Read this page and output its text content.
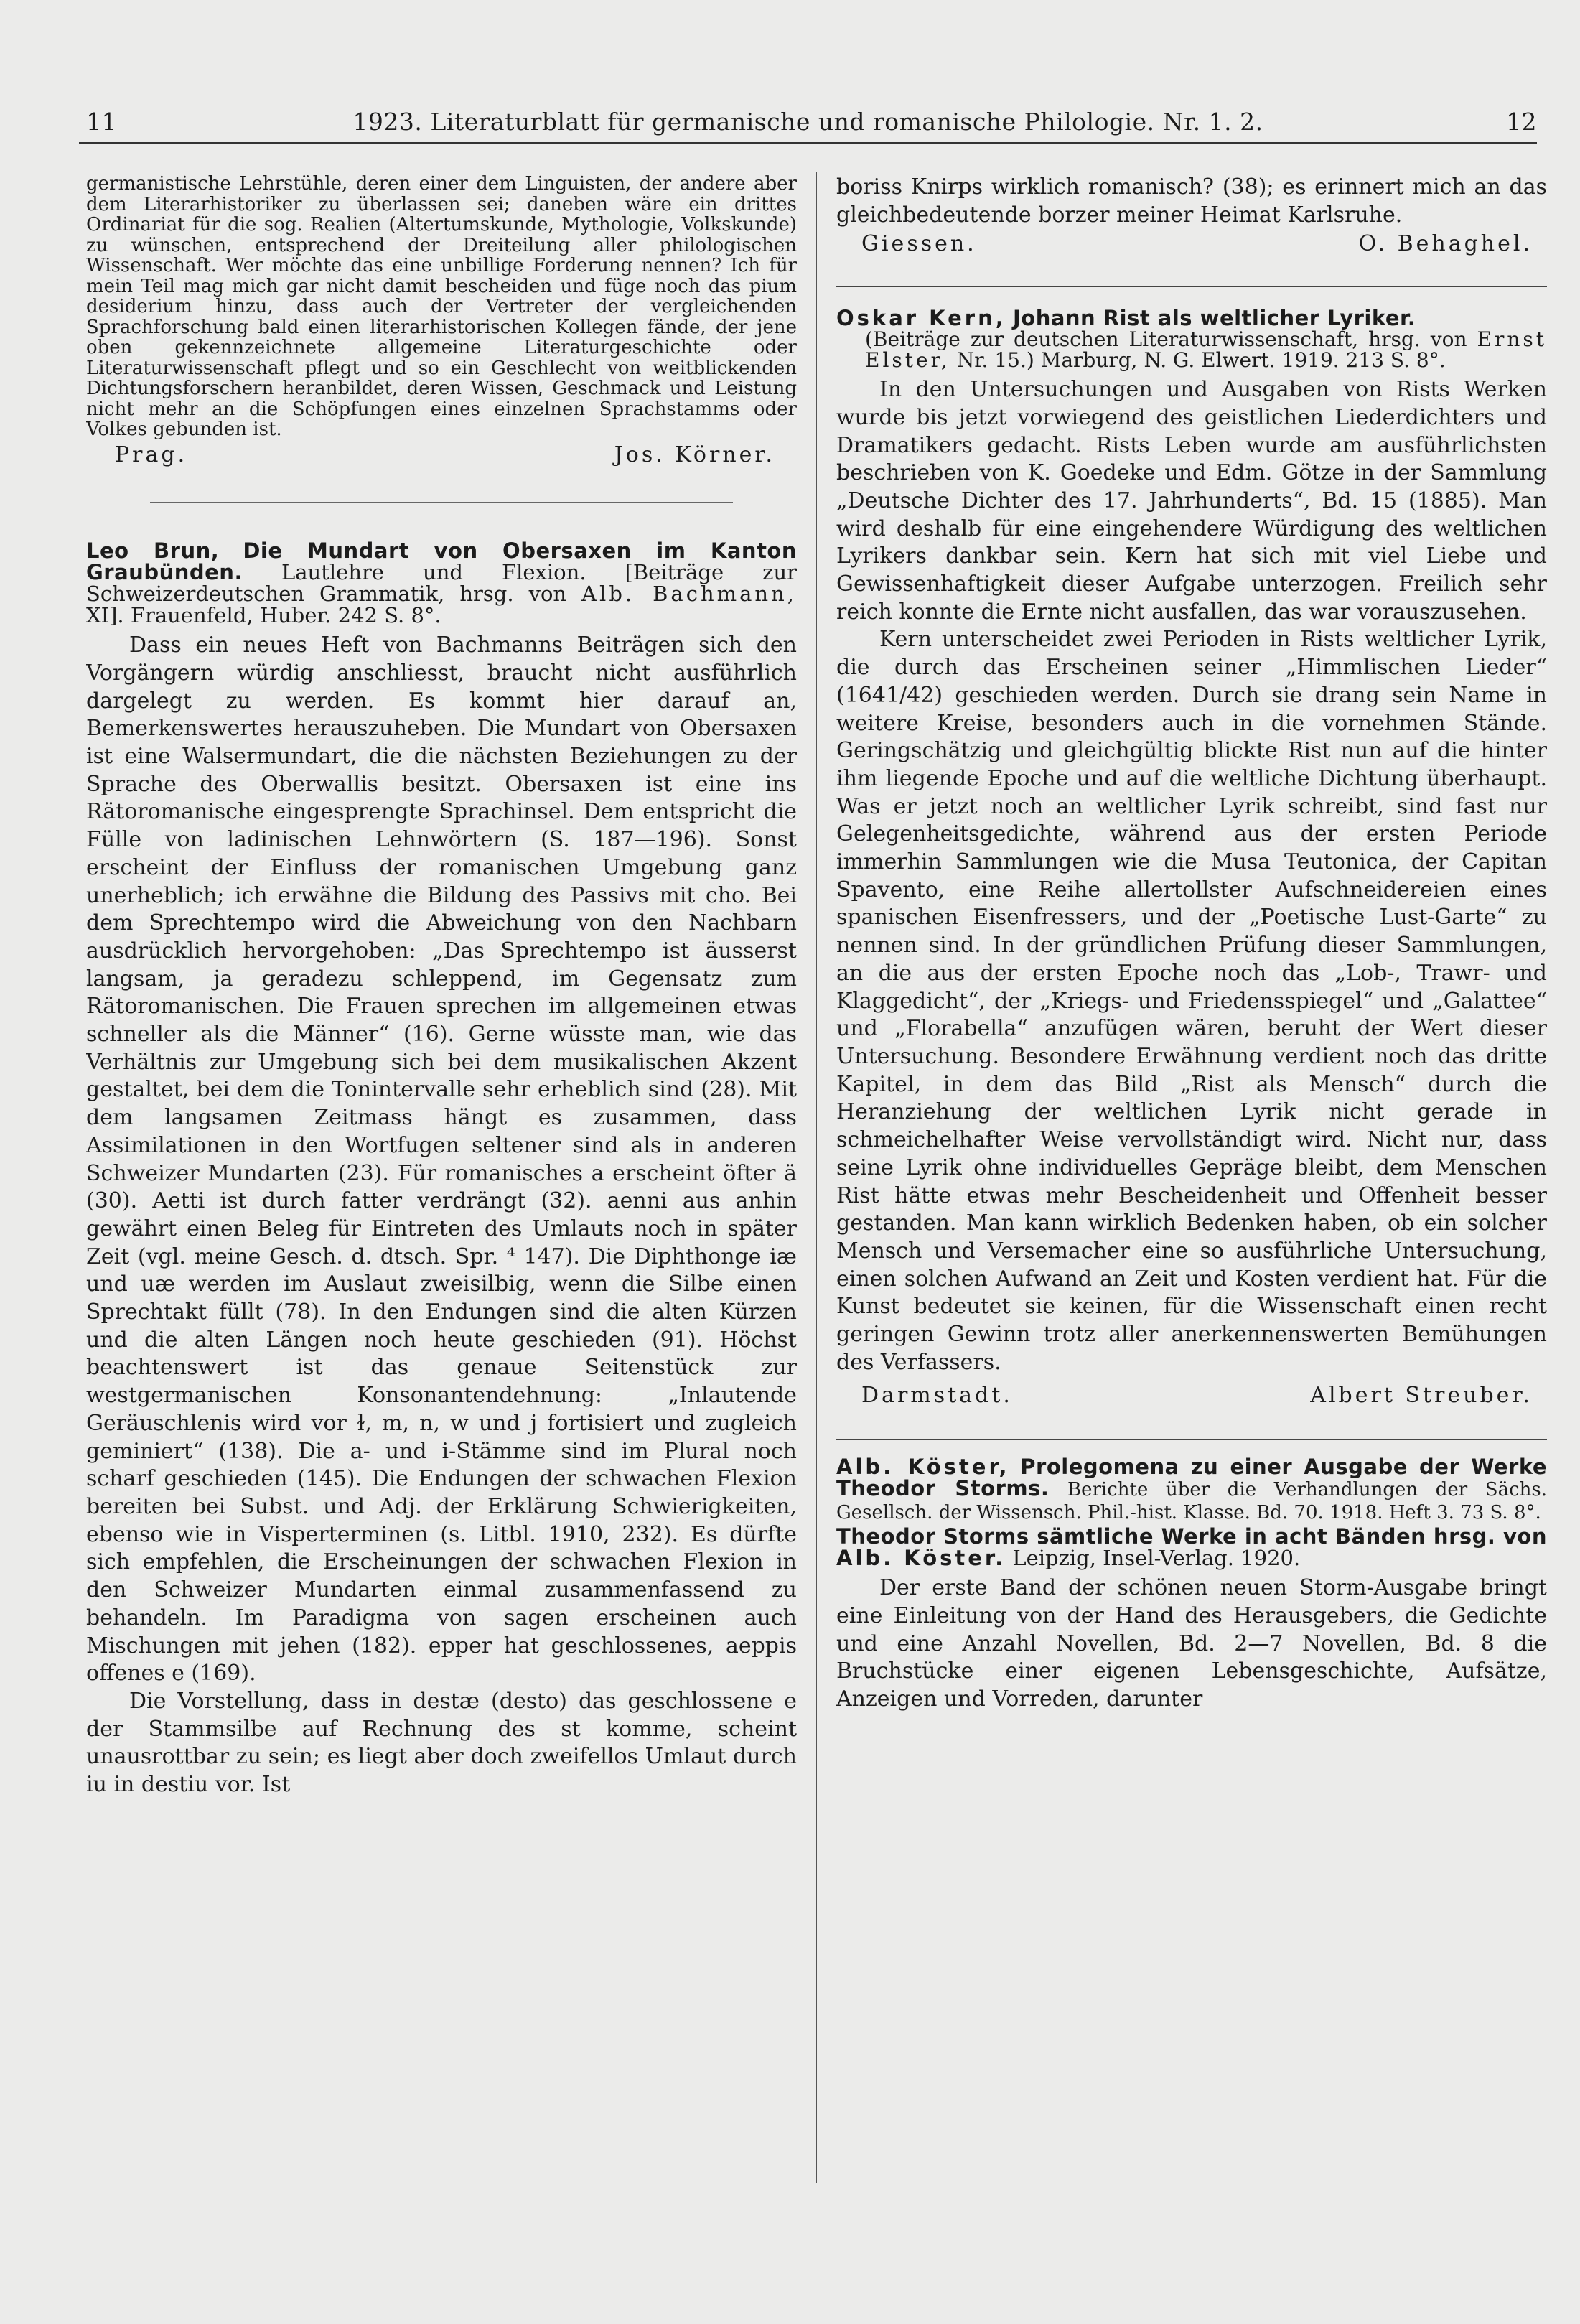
11	1923. Literaturblatt für germanische und romanische Philologie. Nr. 1. 2.	12

germanistische Lehrstühle, deren einer dem Linguisten, der andere aber dem Literarhistoriker zu überlassen sei; daneben wäre ein drittes Ordinariat für die sog. Realien (Altertumskunde, Mythologie, Volkskunde) zu wünschen, entsprechend der Dreiteilung aller philologischen Wissenschaft. Wer möchte das eine unbillige Forderung nennen? Ich für mein Teil mag mich gar nicht damit bescheiden und füge noch das pium desiderium hinzu, dass auch der Vertreter der vergleichenden Sprachforschung bald einen literarhistorischen Kollegen fände, der jene oben gekennzeichnete allgemeine Literaturgeschichte oder Literaturwissenschaft pflegt und so ein Geschlecht von weitblickenden Dichtungsforschern heranbildet, deren Wissen, Geschmack und Leistung nicht mehr an die Schöpfungen eines einzelnen Sprachstamms oder Volkes gebunden ist.

Prag.	Jos. Körner.
Leo Brun, Die Mundart von Obersaxen im Kanton Graubünden. Lautlehre und Flexion. [Beiträge zur Schweizerdeutschen Grammatik, hrsg. von Alb. Bachmann, XI]. Frauenfeld, Huber. 242 S. 8°.

Dass ein neues Heft von Bachmanns Beiträgen sich den Vorgängern würdig anschliesst, braucht nicht ausführlich dargelegt zu werden. Es kommt hier darauf an, Bemerkenswertes herauszuheben. Die Mundart von Obersaxen ist eine Walsermundart, die die nächsten Beziehungen zu der Sprache des Oberwallis besitzt. Obersaxen ist eine ins Rätoromanische eingesprengte Sprachinsel. Dem entspricht die Fülle von ladinischen Lehnwörtern (S. 187—196). Sonst erscheint der Einfluss der romanischen Umgebung ganz unerheblich; ich erwähne die Bildung des Passivs mit cho. Bei dem Sprechtempo wird die Abweichung von den Nachbarn ausdrücklich hervorgehoben: „Das Sprechtempo ist äusserst langsam, ja geradezu schleppend, im Gegensatz zum Rätoromanischen. Die Frauen sprechen im allgemeinen etwas schneller als die Männer“ (16). Gerne wüsste man, wie das Verhältnis zur Umgebung sich bei dem musikalischen Akzent gestaltet, bei dem die Tonintervalle sehr erheblich sind (28). Mit dem langsamen Zeitmass hängt es zusammen, dass Assimilationen in den Wortfugen seltener sind als in anderen Schweizer Mundarten (23). Für romanisches a erscheint öfter ä (30). Aetti ist durch fatter verdrängt (32). aenni aus anhin gewährt einen Beleg für Eintreten des Umlauts noch in später Zeit (vgl. meine Gesch. d. dtsch. Spr. ⁴ 147). Die Diphthonge iæ und uæ werden im Auslaut zweisilbig, wenn die Silbe einen Sprechtakt füllt (78). In den Endungen sind die alten Kürzen und die alten Längen noch heute geschieden (91). Höchst beachtenswert ist das genaue Seitenstück zur westgermanischen Konsonantendehnung: „Inlautende Geräuschlenis wird vor ɫ, m, n, w und j fortisiert und zugleich geminiert“ (138). Die a- und i-Stämme sind im Plural noch scharf geschieden (145). Die Endungen der schwachen Flexion bereiten bei Subst. und Adj. der Erklärung Schwierigkeiten, ebenso wie in Visperterminen (s. Litbl. 1910, 232). Es dürfte sich empfehlen, die Erscheinungen der schwachen Flexion in den Schweizer Mundarten einmal zusammenfassend zu behandeln. Im Paradigma von sagen erscheinen auch Mischungen mit jehen (182). epper hat geschlossenes, aeppis offenes e (169).

Die Vorstellung, dass in destæ (desto) das geschlossene e der Stammsilbe auf Rechnung des st komme, scheint unausrottbar zu sein; es liegt aber doch zweifellos Umlaut durch iu in destiu vor. Ist

boriss Knirps wirklich romanisch? (38); es erinnert mich an das gleichbedeutende borzer meiner Heimat Karlsruhe.

Giessen.	O. Behaghel.
Oskar Kern, Johann Rist als weltlicher Lyriker.
(Beiträge zur deutschen Literaturwissenschaft, hrsg. von Ernst Elster, Nr. 15.) Marburg, N. G. Elwert. 1919. 213 S. 8°.

In den Untersuchungen und Ausgaben von Rists Werken wurde bis jetzt vorwiegend des geistlichen Liederdichters und Dramatikers gedacht. Rists Leben wurde am ausführlichsten beschrieben von K. Goedeke und Edm. Götze in der Sammlung „Deutsche Dichter des 17. Jahrhunderts“, Bd. 15 (1885). Man wird deshalb für eine eingehendere Würdigung des weltlichen Lyrikers dankbar sein. Kern hat sich mit viel Liebe und Gewissenhaftigkeit dieser Aufgabe unterzogen. Freilich sehr reich konnte die Ernte nicht ausfallen, das war vorauszusehen.

Kern unterscheidet zwei Perioden in Rists weltlicher Lyrik, die durch das Erscheinen seiner „Himmlischen Lieder“ (1641/42) geschieden werden. Durch sie drang sein Name in weitere Kreise, besonders auch in die vornehmen Stände. Geringschätzig und gleichgültig blickte Rist nun auf die hinter ihm liegende Epoche und auf die weltliche Dichtung überhaupt. Was er jetzt noch an weltlicher Lyrik schreibt, sind fast nur Gelegenheitsgedichte, während aus der ersten Periode immerhin Sammlungen wie die Musa Teutonica, der Capitan Spavento, eine Reihe allertollster Aufschneidereien eines spanischen Eisenfressers, und der „Poetische Lust-Garte“ zu nennen sind. In der gründlichen Prüfung dieser Sammlungen, an die aus der ersten Epoche noch das „Lob-, Trawr- und Klaggedicht“, der „Kriegs- und Friedensspiegel“ und „Galattee“ und „Florabella“ anzufügen wären, beruht der Wert dieser Untersuchung. Besondere Erwähnung verdient noch das dritte Kapitel, in dem das Bild „Rist als Mensch“ durch die Heranziehung der weltlichen Lyrik nicht gerade in schmeichelhafter Weise vervollständigt wird. Nicht nur, dass seine Lyrik ohne individuelles Gepräge bleibt, dem Menschen Rist hätte etwas mehr Bescheidenheit und Offenheit besser gestanden. Man kann wirklich Bedenken haben, ob ein solcher Mensch und Versemacher eine so ausführliche Untersuchung, einen solchen Aufwand an Zeit und Kosten verdient hat. Für die Kunst bedeutet sie keinen, für die Wissenschaft einen recht geringen Gewinn trotz aller anerkennenswerten Bemühungen des Verfassers.

Darmstadt.	Albert Streuber.
Alb. Köster, Prolegomena zu einer Ausgabe der Werke Theodor Storms. Berichte über die Verhandlungen der Sächs. Gesellsch. der Wissensch. Phil.-hist. Klasse. Bd. 70. 1918. Heft 3. 73 S. 8°.
Theodor Storms sämtliche Werke in acht Bänden hrsg. von Alb. Köster. Leipzig, Insel-Verlag. 1920.

Der erste Band der schönen neuen Storm-Ausgabe bringt eine Einleitung von der Hand des Herausgebers, die Gedichte und eine Anzahl Novellen, Bd. 2—7 Novellen, Bd. 8 die Bruchstücke einer eigenen Lebensgeschichte, Aufsätze, Anzeigen und Vorreden, darunter
